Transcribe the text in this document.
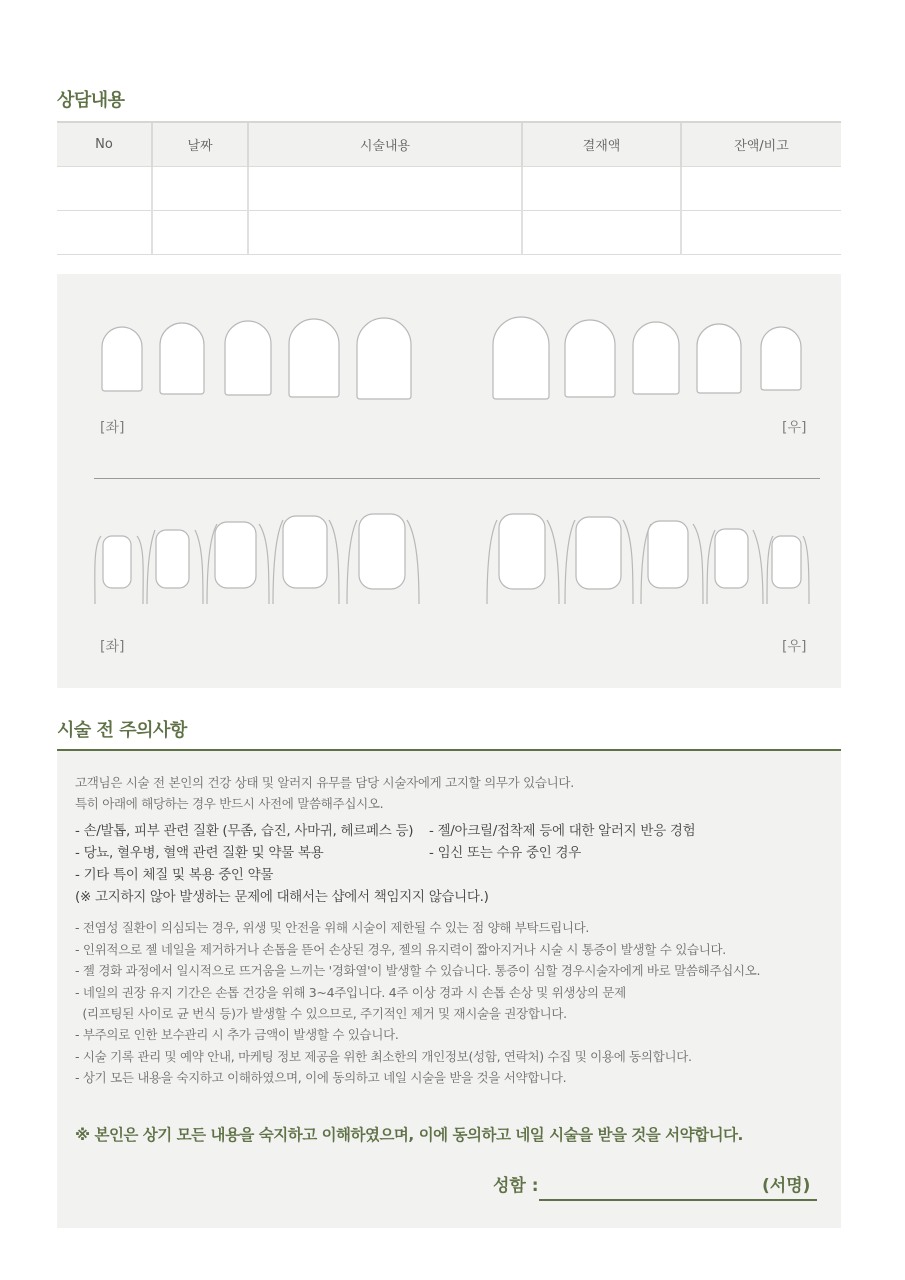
상담내용
No	날짜	시술내용	결재액	잔액/비고

[좌]	[우]
[좌]	[우]
시술 전 주의사항
고객님은 시술 전 본인의 건강 상태 및 알러지 유무를 담당 시술자에게 고지할 의무가 있습니다.
특히 아래에 해당하는 경우 반드시 사전에 말씀해주십시오.
- 손/발톱, 피부 관련 질환 (무좀, 습진, 사마귀, 헤르페스 등) - 젤/아크릴/접착제 등에 대한 알러지 반응 경험
- 당뇨, 혈우병, 혈액 관련 질환 및 약물 복용	- 임신 또는 수유 중인 경우
- 기타 특이 체질 및 복용 중인 약물
(※ 고지하지 않아 발생하는 문제에 대해서는 샵에서 책임지지 않습니다.)
- 전염성 질환이 의심되는 경우, 위생 및 안전을 위해 시술이 제한될 수 있는 점 양해 부탁드립니다.
- 인위적으로 젤 네일을 제거하거나 손톱을 뜯어 손상된 경우, 젤의 유지력이 짧아지거나 시술 시 통증이 발생할 수 있습니다.
- 젤 경화 과정에서 일시적으로 뜨거움을 느끼는 '경화열'이 발생할 수 있습니다. 통증이 심할 경우시술자에게 바로 말씀해주십시오.
- 네일의 권장 유지 기간은 손톱 건강을 위해 3~4주입니다. 4주 이상 경과 시 손톱 손상 및 위생상의 문제
(리프팅된 사이로 균 번식 등)가 발생할 수 있으므로, 주기적인 제거 및 재시술을 권장합니다.
- 부주의로 인한 보수관리 시 추가 금액이 발생할 수 있습니다.
- 시술 기록 관리 및 예약 안내, 마케팅 정보 제공을 위한 최소한의 개인정보(성함, 연락처) 수집 및 이용에 동의합니다.
- 상기 모든 내용을 숙지하고 이해하였으며, 이에 동의하고 네일 시술을 받을 것을 서약합니다.
※ 본인은 상기 모든 내용을 숙지하고 이해하였으며, 이에 동의하고 네일 시술을 받을 것을 서약합니다.
성함 :	(서명)
